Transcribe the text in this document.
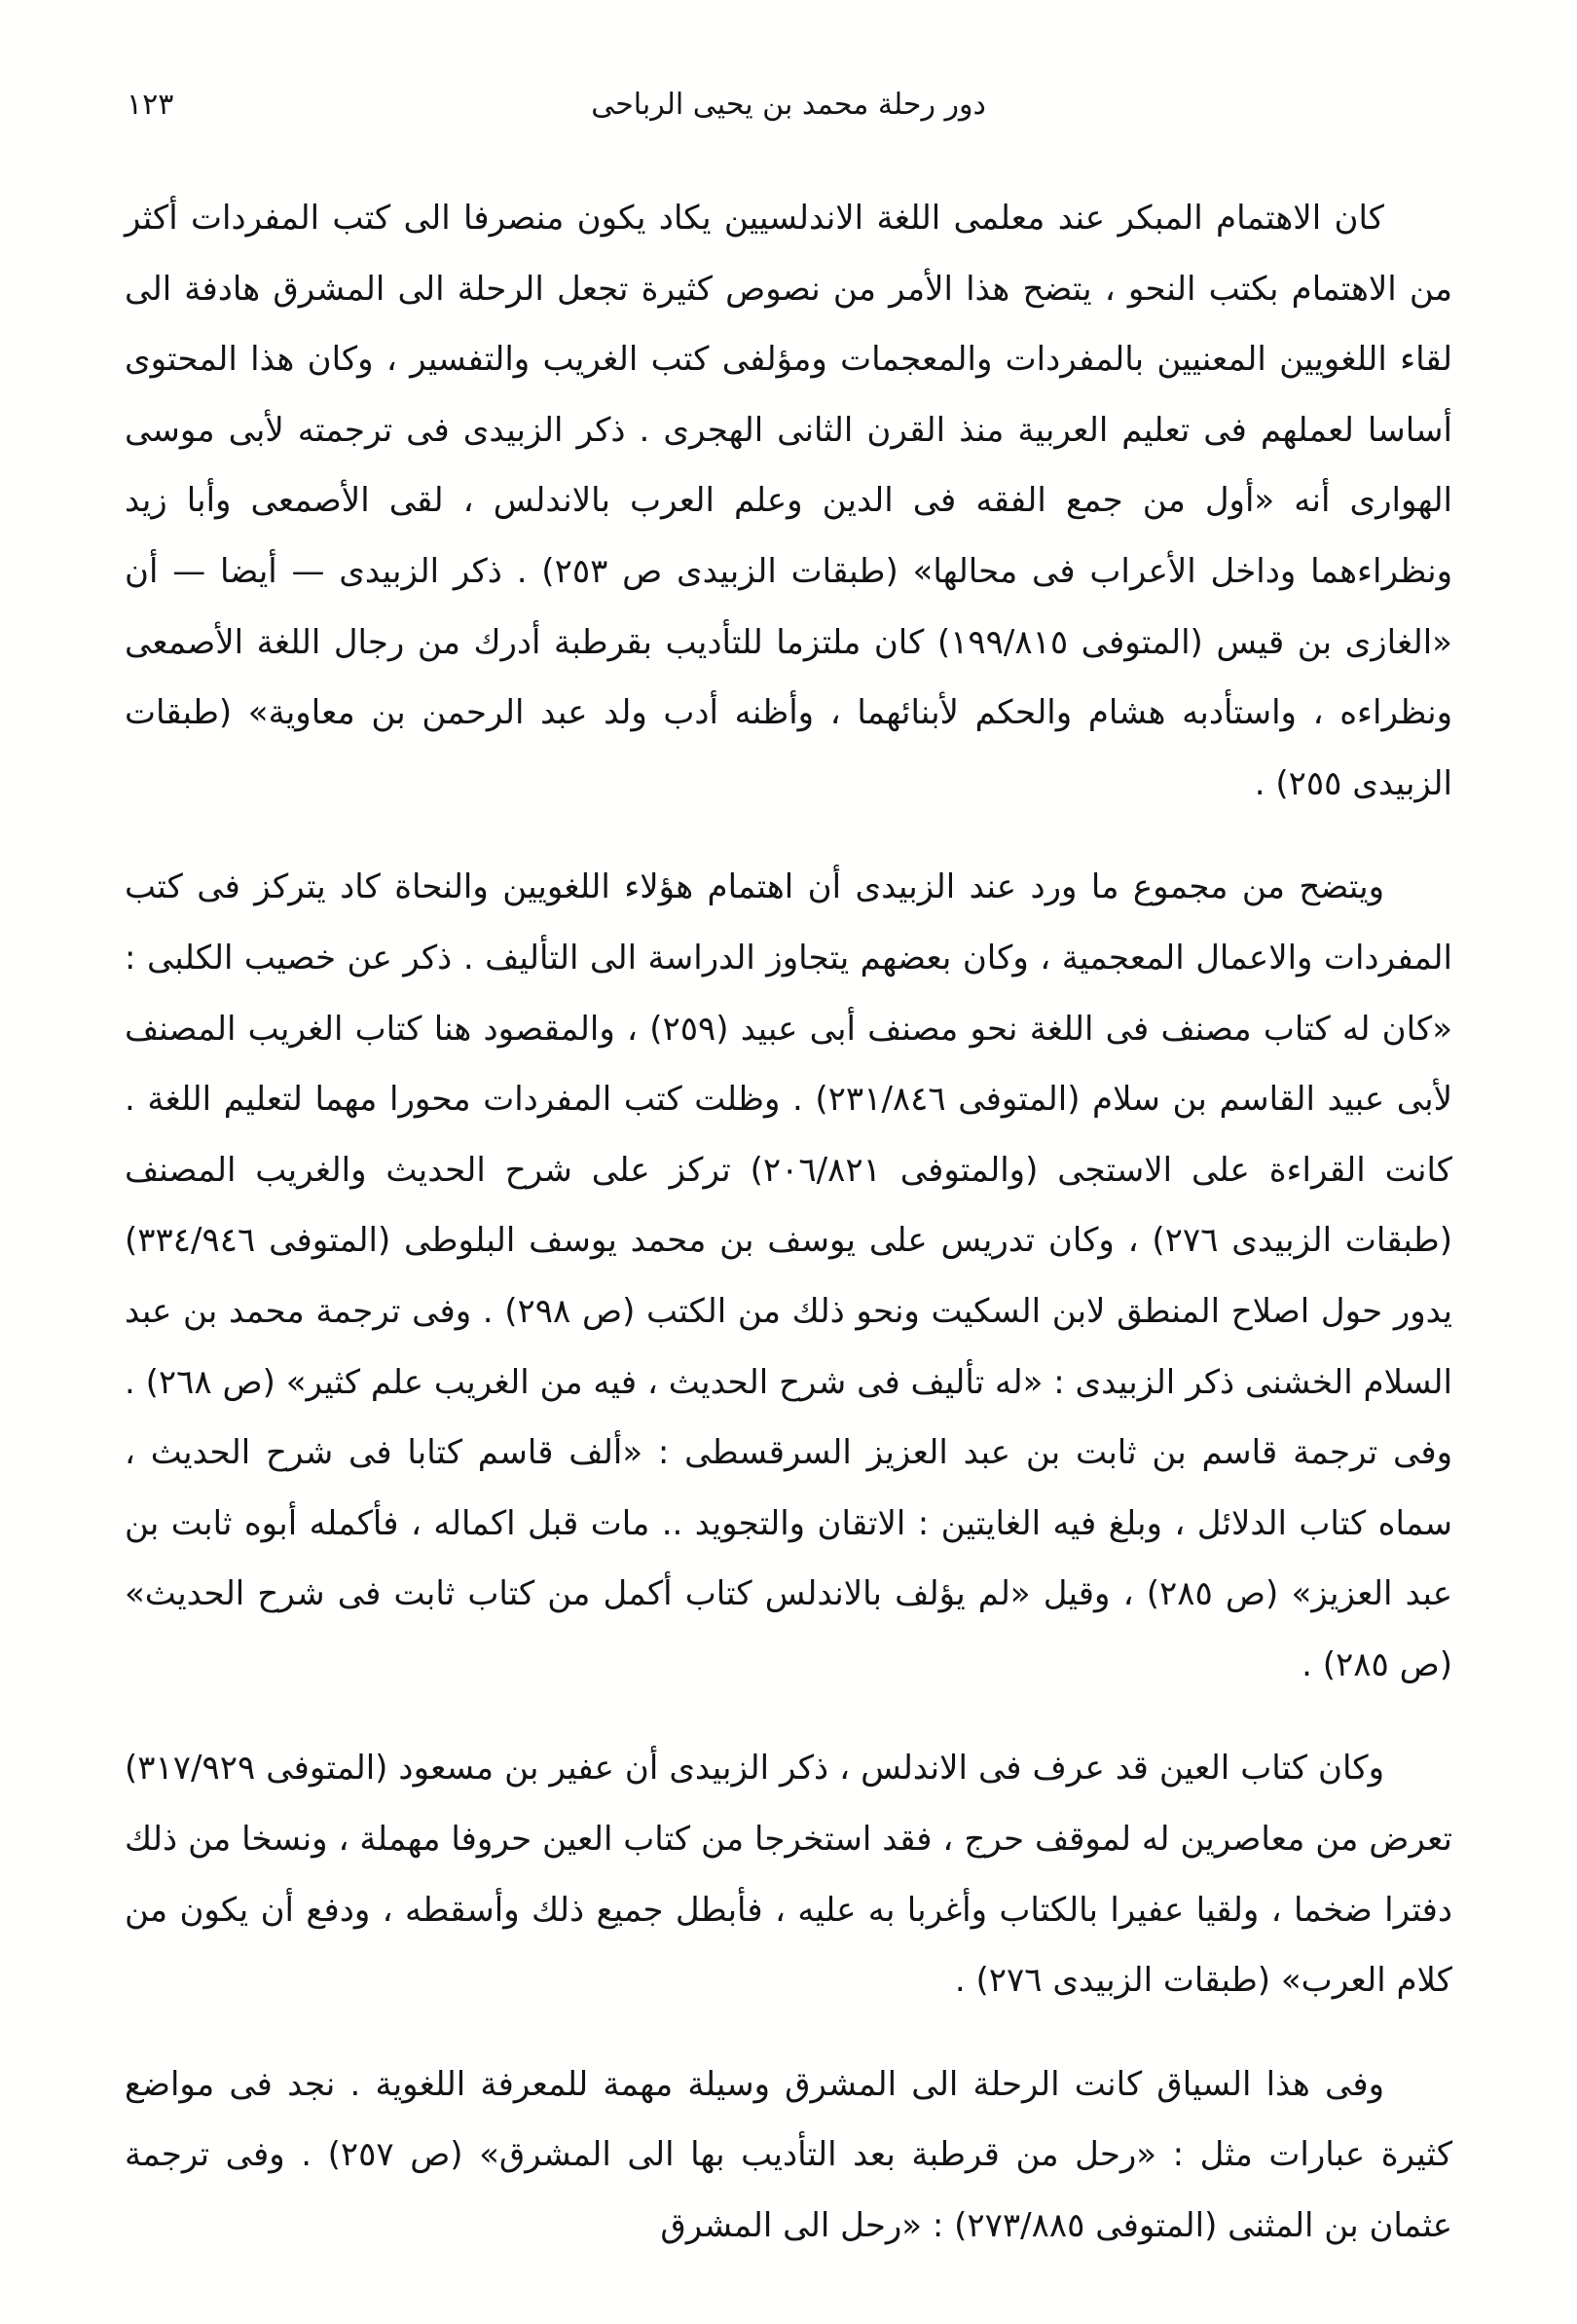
١٢٣	دور رحلة محمد بن يحيى الرباحى

كان الاهتمام المبكر عند معلمى اللغة الاندلسيين يكاد يكون منصرفا الى كتب المفردات أكثر من الاهتمام بكتب النحو ، يتضح هذا الأمر من نصوص كثيرة تجعل الرحلة الى المشرق هادفة الى لقاء اللغويين المعنيين بالمفردات والمعجمات ومؤلفى كتب الغريب والتفسير ، وكان هذا المحتوى أساسا لعملهم فى تعليم العربية منذ القرن الثانى الهجرى . ذكر الزبيدى فى ترجمته لأبى موسى الهوارى أنه «أول من جمع الفقه فى الدين وعلم العرب بالاندلس ، لقى الأصمعى وأبا زيد ونظراءهما وداخل الأعراب فى محالها» (طبقات الزبيدى ص ٢٥٣) . ذكر الزبيدى — أيضا — أن «الغازى بن قيس (المتوفى ١٩٩/٨١٥) كان ملتزما للتأديب بقرطبة أدرك من رجال اللغة الأصمعى ونظراءه ، واستأدبه هشام والحكم لأبنائهما ، وأظنه أدب ولد عبد الرحمن بن معاوية» (طبقات الزبيدى ٢٥٥) .

ويتضح من مجموع ما ورد عند الزبيدى أن اهتمام هؤلاء اللغويين والنحاة كاد يتركز فى كتب المفردات والاعمال المعجمية ، وكان بعضهم يتجاوز الدراسة الى التأليف . ذكر عن خصيب الكلبى : «كان له كتاب مصنف فى اللغة نحو مصنف أبى عبيد (٢٥٩) ، والمقصود هنا كتاب الغريب المصنف لأبى عبيد القاسم بن سلام (المتوفى ٢٣١/٨٤٦) . وظلت كتب المفردات محورا مهما لتعليم اللغة . كانت القراءة على الاستجى (والمتوفى ٢٠٦/٨٢١) تركز على شرح الحديث والغريب المصنف (طبقات الزبيدى ٢٧٦) ، وكان تدريس على يوسف بن محمد يوسف البلوطى (المتوفى ٣٣٤/٩٤٦) يدور حول اصلاح المنطق لابن السكيت ونحو ذلك من الكتب (ص ٢٩٨) . وفى ترجمة محمد بن عبد السلام الخشنى ذكر الزبيدى : «له تأليف فى شرح الحديث ، فيه من الغريب علم كثير» (ص ٢٦٨) . وفى ترجمة قاسم بن ثابت بن عبد العزيز السرقسطى : «ألف قاسم كتابا فى شرح الحديث ، سماه كتاب الدلائل ، وبلغ فيه الغايتين : الاتقان والتجويد .. مات قبل اكماله ، فأكمله أبوه ثابت بن عبد العزيز» (ص ٢٨٥) ، وقيل «لم يؤلف بالاندلس كتاب أكمل من كتاب ثابت فى شرح الحديث» (ص ٢٨٥) .

وكان كتاب العين قد عرف فى الاندلس ، ذكر الزبيدى أن عفير بن مسعود (المتوفى ٣١٧/٩٢٩) تعرض من معاصرين له لموقف حرج ، فقد استخرجا من كتاب العين حروفا مهملة ، ونسخا من ذلك دفترا ضخما ، ولقيا عفيرا بالكتاب وأغربا به عليه ، فأبطل جميع ذلك وأسقطه ، ودفع أن يكون من كلام العرب» (طبقات الزبيدى ٢٧٦) .

وفى هذا السياق كانت الرحلة الى المشرق وسيلة مهمة للمعرفة اللغوية . نجد فى مواضع كثيرة عبارات مثل : «رحل من قرطبة بعد التأديب بها الى المشرق» (ص ٢٥٧) . وفى ترجمة عثمان بن المثنى (المتوفى ٢٧٣/٨٨٥) : «رحل الى المشرق
